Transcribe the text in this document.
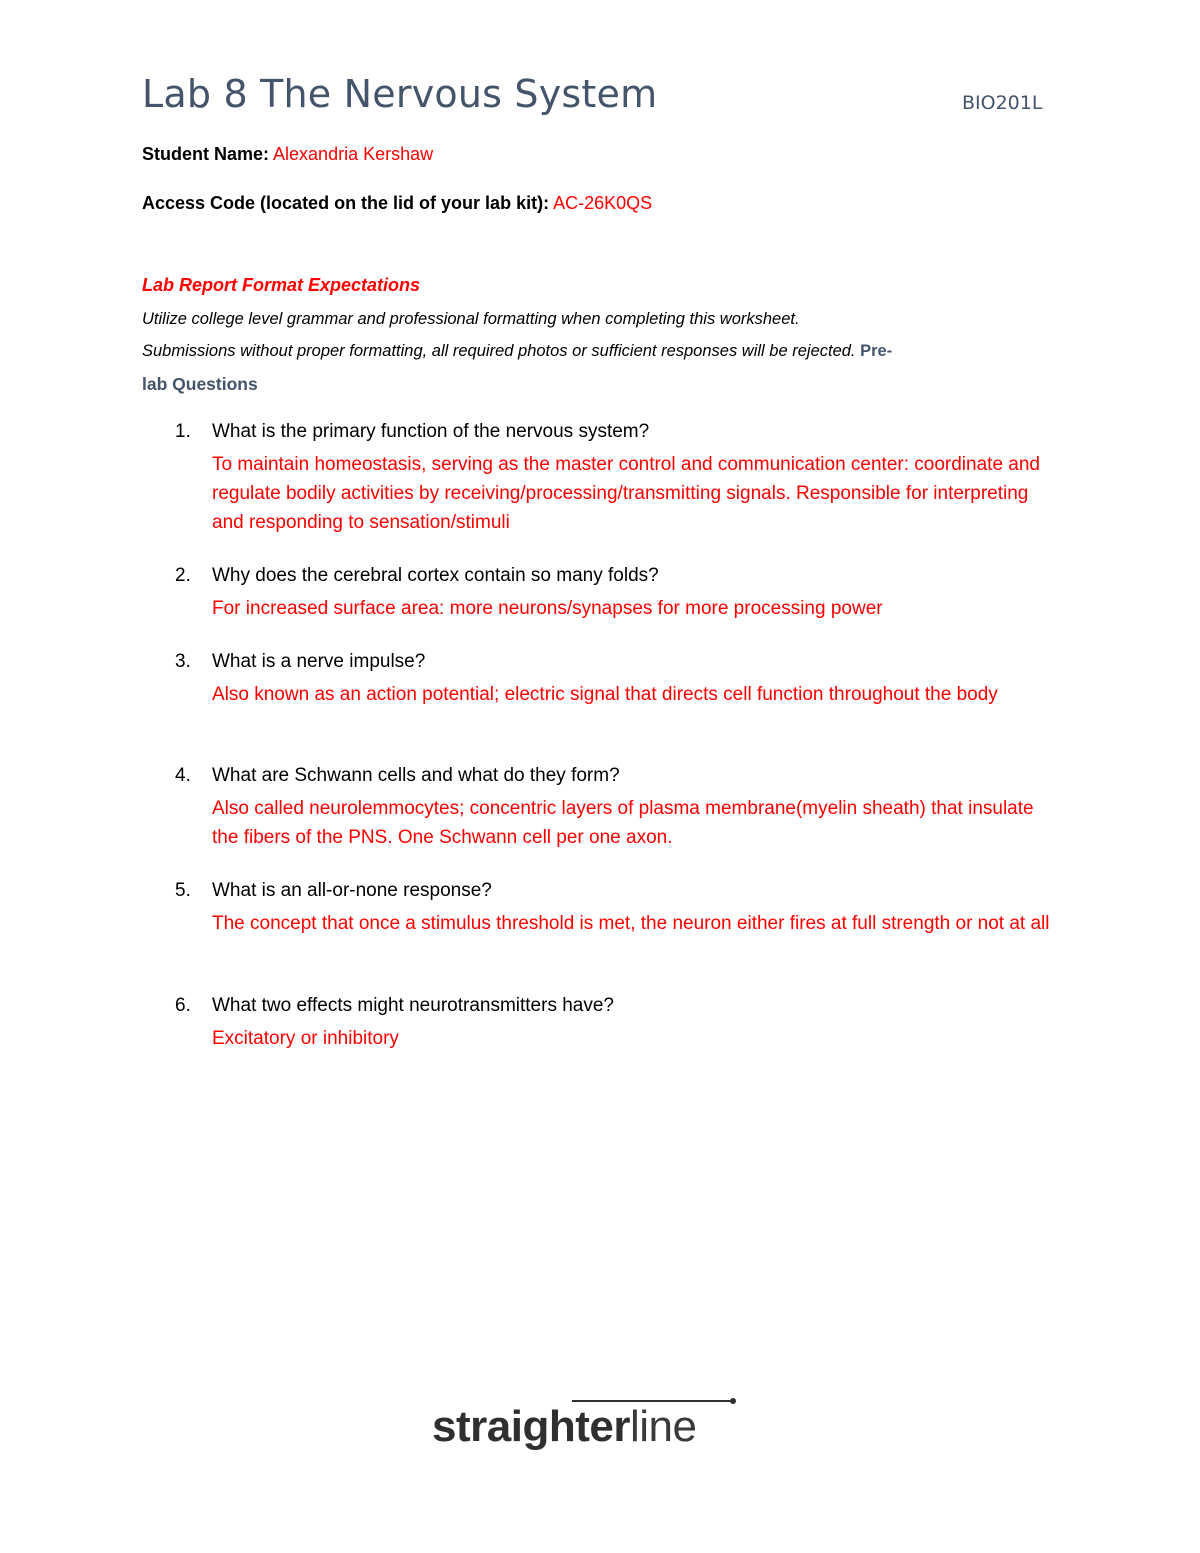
Lab 8 The Nervous System	BIO201L
Student Name: Alexandria Kershaw
Access Code (located on the lid of your lab kit): AC-26K0QS
Lab Report Format Expectations
Utilize college level grammar and professional formatting when completing this worksheet.
Submissions without proper formatting, all required photos or sufficient responses will be rejected. Pre-
lab Questions
1. What is the primary function of the nervous system?
To maintain homeostasis, serving as the master control and communication center: coordinate and regulate bodily activities by receiving/processing/transmitting signals. Responsible for interpreting and responding to sensation/stimuli
2. Why does the cerebral cortex contain so many folds?
For increased surface area: more neurons/synapses for more processing power
3. What is a nerve impulse?
Also known as an action potential; electric signal that directs cell function throughout the body
4. What are Schwann cells and what do they form?
Also called neurolemmocytes; concentric layers of plasma membrane(myelin sheath) that insulate the fibers of the PNS. One Schwann cell per one axon.
5. What is an all-or-none response?
The concept that once a stimulus threshold is met, the neuron either fires at full strength or not at all
6. What two effects might neurotransmitters have?
Excitatory or inhibitory
straighterline
